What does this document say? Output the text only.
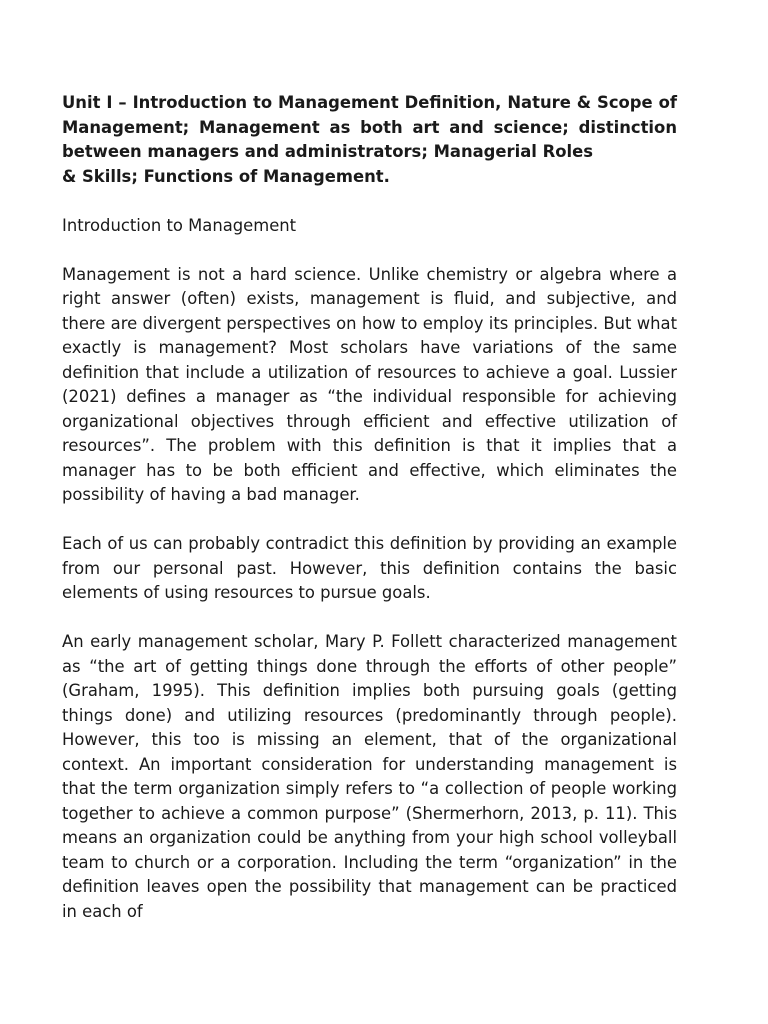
Unit I – Introduction to Management Definition, Nature & Scope of Management; Management as both art and science; distinction between managers and administrators; Managerial Roles
& Skills; Functions of Management.

Introduction to Management

Management is not a hard science. Unlike chemistry or algebra where a right answer (often) exists, management is fluid, and subjective, and there are divergent perspectives on how to employ its principles. But what exactly is management? Most scholars have variations of the same definition that include a utilization of resources to achieve a goal. Lussier (2021) defines a manager as “the individual responsible for achieving organizational objectives through efficient and effective utilization of resources”. The problem with this definition is that it implies that a manager has to be both efficient and effective, which eliminates the possibility of having a bad manager.

Each of us can probably contradict this definition by providing an example from our personal past. However, this definition contains the basic elements of using resources to pursue goals.

An early management scholar, Mary P. Follett characterized management as “the art of getting things done through the efforts of other people” (Graham, 1995). This definition implies both pursuing goals (getting things done) and utilizing resources (predominantly through people). However, this too is missing an element, that of the organizational context. An important consideration for understanding management is that the term organization simply refers to “a collection of people working together to achieve a common purpose” (Shermerhorn, 2013, p. 11). This means an organization could be anything from your high school volleyball team to church or a corporation. Including the term “organization” in the definition leaves open the possibility that management can be practiced in each of
